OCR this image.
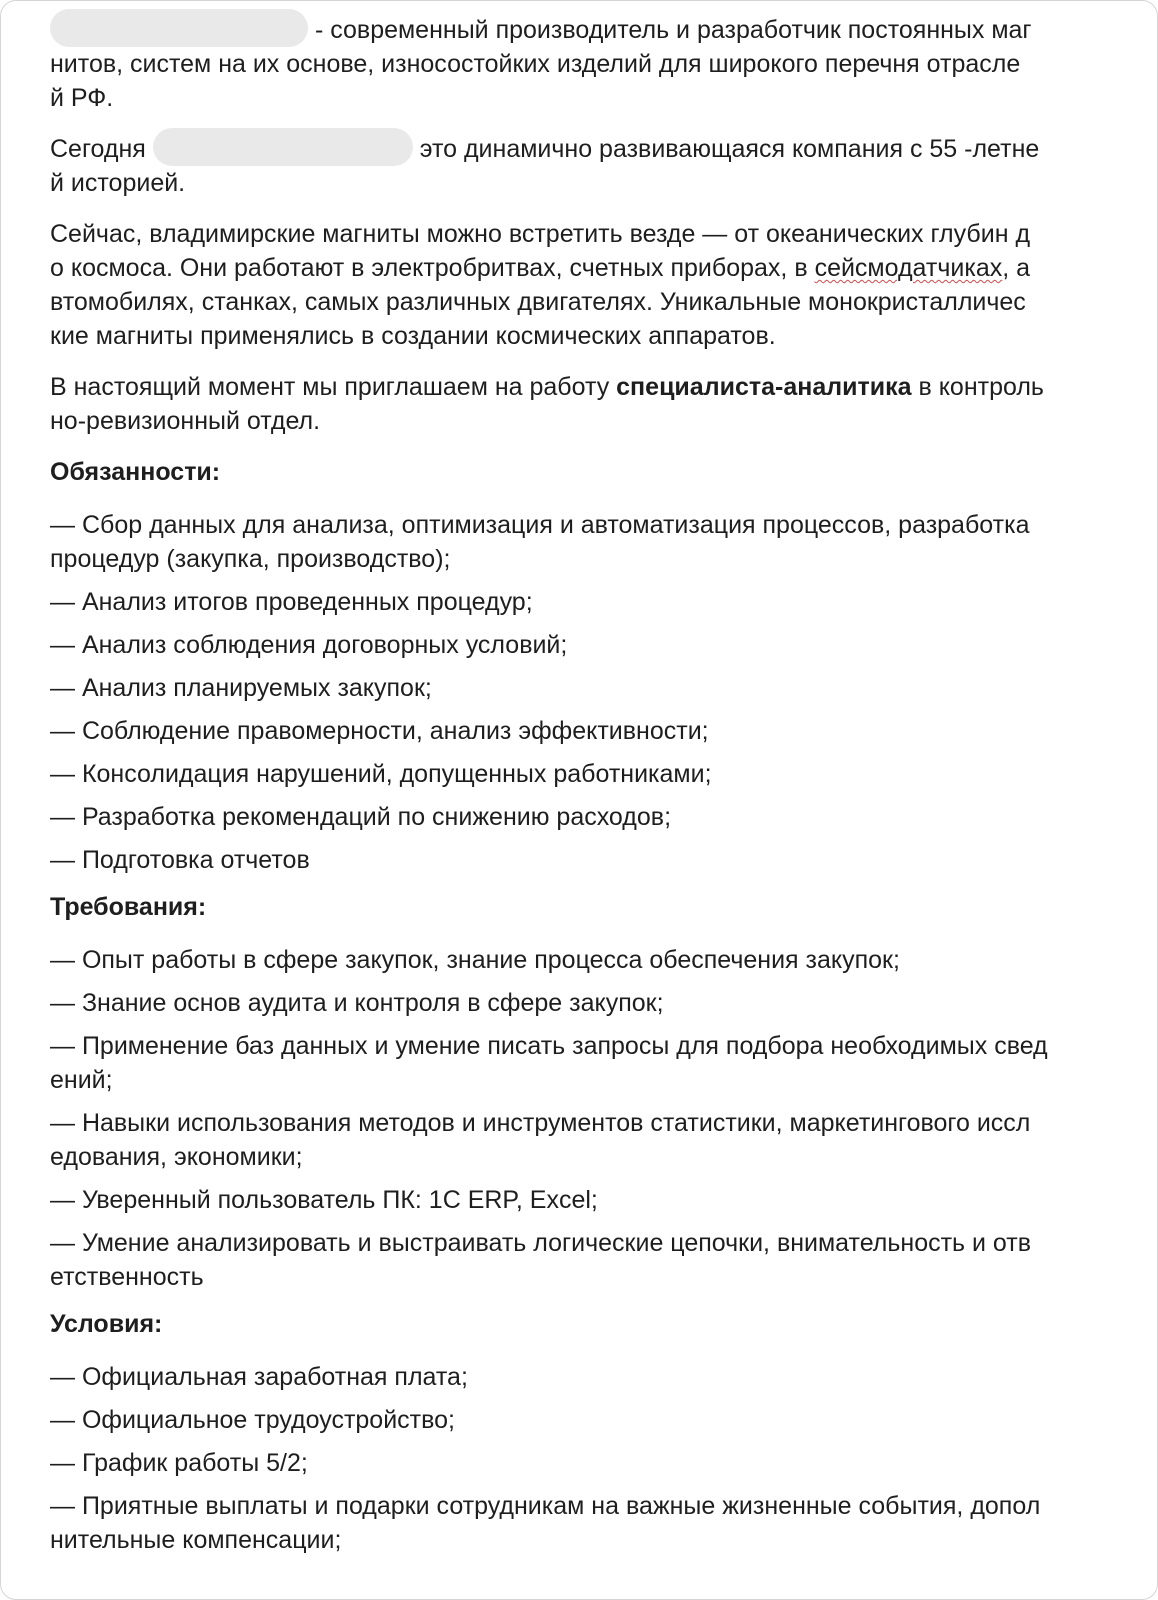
- современный производитель и разработчик постоянных маг
нитов, систем на их основе, износостойких изделий для широкого перечня отрасле
й РФ.
Сегодня	это динамично развивающаяся компания с 55 -летне
й историей.
Сейчас, владимирские магниты можно встретить везде — от океанических глубин д
о космоса. Они работают в электробритвах, счетных приборах, в сейсмодатчиках, а
втомобилях, станках, самых различных двигателях. Уникальные монокристалличес
кие магниты применялись в создании космических аппаратов.
В настоящий момент мы приглашаем на работу специалиста-аналитика в контроль
но-ревизионный отдел.
Обязанности:
— Сбор данных для анализа, оптимизация и автоматизация процессов, разработка
процедур (закупка, производство);
— Анализ итогов проведенных процедур;
— Анализ соблюдения договорных условий;
— Анализ планируемых закупок;
— Соблюдение правомерности, анализ эффективности;
— Консолидация нарушений, допущенных работниками;
— Разработка рекомендаций по снижению расходов;
— Подготовка отчетов
Требования:
— Опыт работы в сфере закупок, знание процесса обеспечения закупок;
— Знание основ аудита и контроля в сфере закупок;
— Применение баз данных и умение писать запросы для подбора необходимых свед
ений;
— Навыки использования методов и инструментов статистики, маркетингового иссл
едования, экономики;
— Уверенный пользователь ПК: 1С ERP, Excel;
— Умение анализировать и выстраивать логические цепочки, внимательность и отв
етственность
Условия:
— Официальная заработная плата;
— Официальное трудоустройство;
— График работы 5/2;
— Приятные выплаты и подарки сотрудникам на важные жизненные события, допол
нительные компенсации;
